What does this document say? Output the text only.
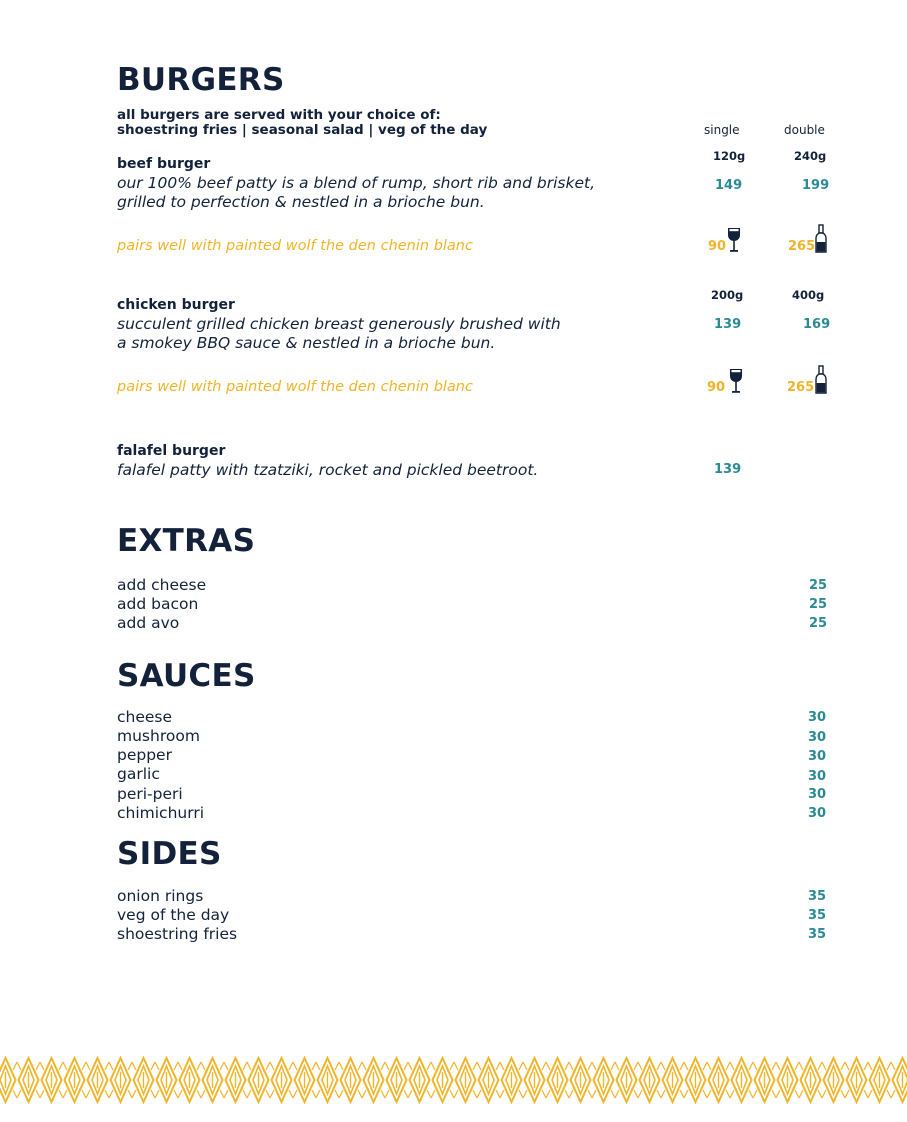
BURGERS
all burgers are served with your choice of:
shoestring fries | seasonal salad | veg of the day	single	double
beef burger	120g	240g
our 100% beef patty is a blend of rump, short rib and brisket,
grilled to perfection & nestled in a brioche bun.
149	199
pairs well with painted wolf the den chenin blanc	90	265
chicken burger
200g	400g
succulent grilled chicken breast generously brushed with
a smokey BBQ sauce & nestled in a brioche bun.
139	169
pairs well with painted wolf the den chenin blanc	90	265
falafel burger
falafel patty with tzatziki, rocket and pickled beetroot.	139
EXTRAS
add cheese	25
add bacon	25
add avo	25
SAUCES
cheese	30
mushroom	30
pepper	30
garlic	30
peri-peri	30
chimichurri	30
SIDES
onion rings	35
veg of the day	35
shoestring fries	35
